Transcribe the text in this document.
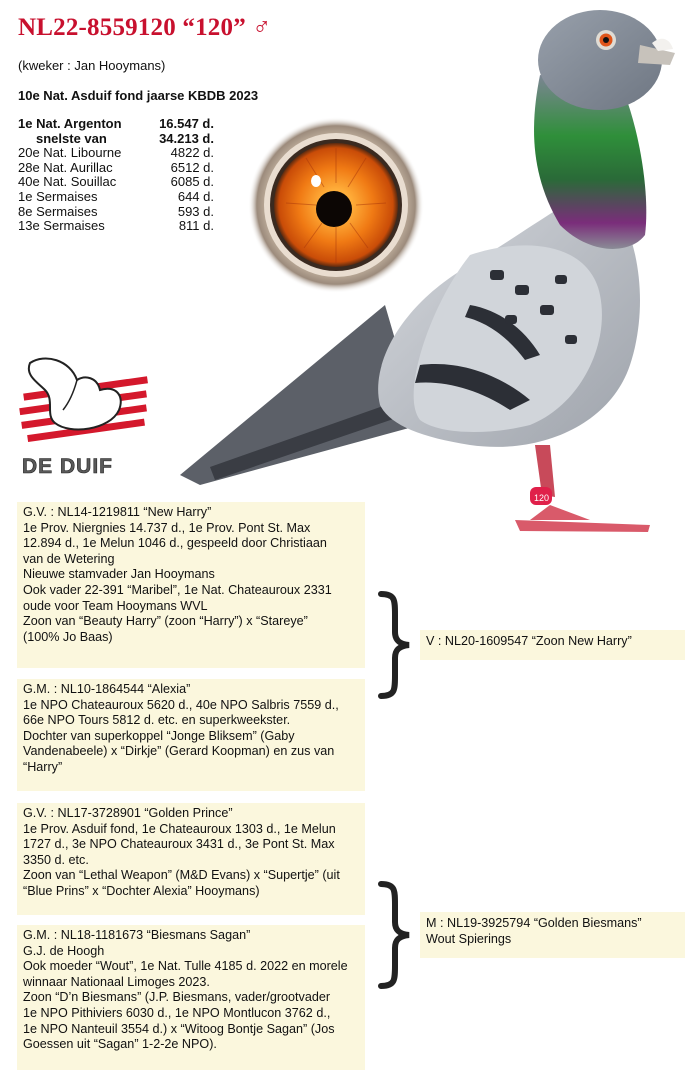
NL22-8559120 “120” ♂
(kweker : Jan Hooymans)
10e Nat. Asduif fond jaarse KBDB 2023
1e Nat. Argenton	16.547 d.
snelste van	34.213 d.
20e Nat. Libourne	4822 d.
28e Nat. Aurillac	6512 d.
40e Nat. Souillac	6085 d.
1e Sermaises	644 d.
8e Sermaises	593 d.
13e Sermaises	811 d.
120
DE DUIF
G.V. : NL14-1219811 “New Harry”
1e Prov. Niergnies 14.737 d., 1e Prov. Pont St. Max
12.894 d., 1e Melun 1046 d., gespeeld door Christiaan
van de Wetering
Nieuwe stamvader Jan Hooymans
Ook vader 22-391 “Maribel”, 1e Nat. Chateauroux 2331
oude voor Team Hooymans WVL
Zoon van “Beauty Harry” (zoon “Harry”) x “Stareye”
(100% Jo Baas)
G.M. : NL10-1864544 “Alexia”
1e NPO Chateauroux 5620 d., 40e NPO Salbris 7559 d.,
66e NPO Tours 5812 d. etc. en superkweekster.
Dochter van superkoppel “Jonge Bliksem” (Gaby
Vandenabeele) x “Dirkje” (Gerard Koopman) en zus van
“Harry”
G.V. : NL17-3728901 “Golden Prince”
1e Prov. Asduif fond, 1e Chateauroux 1303 d., 1e Melun
1727 d., 3e NPO Chateauroux 3431 d., 3e Pont St. Max
3350 d. etc.
Zoon van “Lethal Weapon” (M&D Evans) x “Supertje” (uit
“Blue Prins” x “Dochter Alexia” Hooymans)
G.M. : NL18-1181673 “Biesmans Sagan”
G.J. de Hoogh
Ook moeder “Wout”, 1e Nat. Tulle 4185 d. 2022 en morele
winnaar Nationaal Limoges 2023.
Zoon “D’n Biesmans” (J.P. Biesmans, vader/grootvader
1e NPO Pithiviers 6030 d., 1e NPO Montlucon 3762 d.,
1e NPO Nanteuil 3554 d.) x “Witoog Bontje Sagan” (Jos
Goessen uit “Sagan” 1-2-2e NPO).
V : NL20-1609547 “Zoon New Harry”
M : NL19-3925794 “Golden Biesmans”
Wout Spierings
